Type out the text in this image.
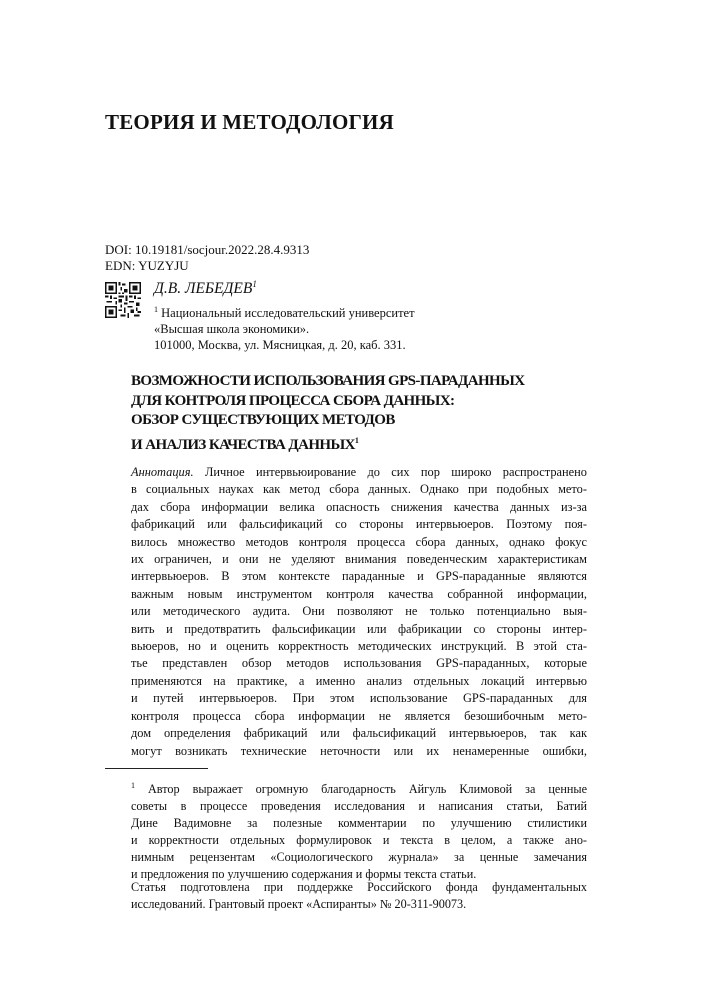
ТЕОРИЯ И МЕТОДОЛОГИЯ
DOI: 10.19181/socjour.2022.28.4.9313
EDN: YUZYJU
Д.В. ЛЕБЕДЕВ$^1$
$^1$ Национальный исследовательский университет
«Высшая школа экономики».
101000, Москва, ул. Мясницкая, д. 20, каб. 331.
ВОЗМОЖНОСТИ ИСПОЛЬЗОВАНИЯ GPS-ПАРАДАННЫХ
ДЛЯ КОНТРОЛЯ ПРОЦЕССА СБОРА ДАННЫХ:
ОБЗОР СУЩЕСТВУЮЩИХ МЕТОДОВ
И АНАЛИЗ КАЧЕСТВА ДАННЫХ$^1$

Аннотация. Личное интервьюирование до сих пор широко распространено
в социальных науках как метод сбора данных. Однако при подобных мето-
дах сбора информации велика опасность снижения качества данных из-за
фабрикаций или фальсификаций со стороны интервьюеров. Поэтому поя-
вилось множество методов контроля процесса сбора данных, однако фокус
их ограничен, и они не уделяют внимания поведенческим характеристикам
интервьюеров. В этом контексте парaданные и GPS-парaданные являются
важным новым инструментом контроля качества собранной информации,
или методического аудита. Они позволяют не только потенциально выя-
вить и предотвратить фальсификации или фабрикации со стороны интер-
вьюеров, но и оценить корректность методических инструкций. В этой ста-
тье представлен обзор методов использования GPS-парaданных, которые
применяются на практике, а именно анализ отдельных локаций интервью
и путей интервьюеров. При этом использование GPS-парaданных для
контроля процесса сбора информации не является безошибочным мето-
дом определения фабрикаций или фальсификаций интервьюеров, так как
могут возникать технические неточности или их ненамеренные ошибки,

$^1$ Автор выражает огромную благодарность Айгуль Климовой за ценные
советы в процессе проведения исследования и написания статьи, Батий
Дине Вадимовне за полезные комментарии по улучшению стилистики
и корректности отдельных формулировок и текста в целом, а также ано-
нимным рецензентам «Социологического журнала» за ценные замечания
и предложения по улучшению содержания и формы текста статьи.

Статья подготовлена при поддержке Российского фонда фундаментальных
исследований. Грантовый проект «Аспиранты» № 20-311-90073.
